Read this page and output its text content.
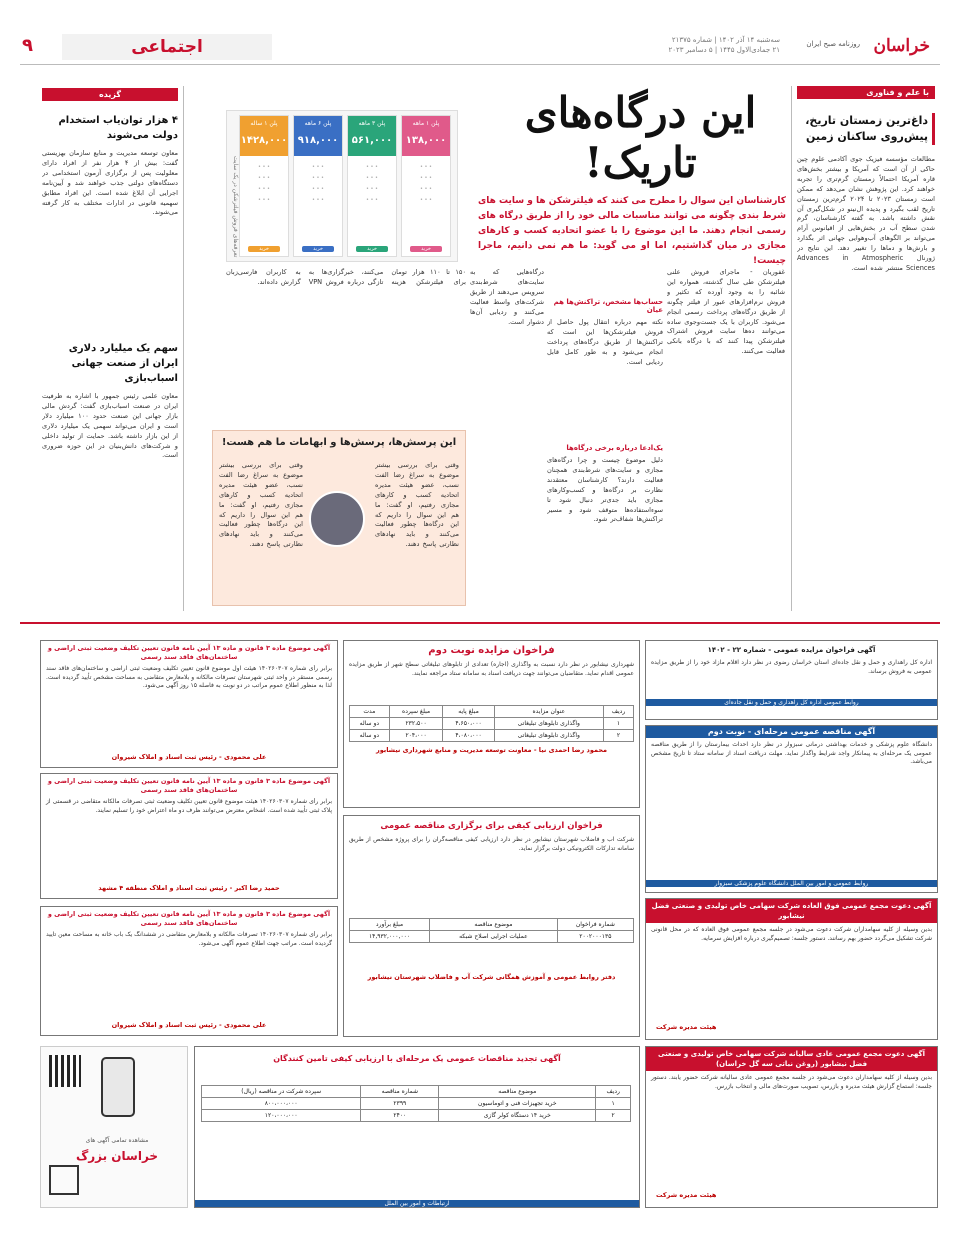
خراسان
روزنامه صبح ایران
سه‌شنبه ۱۴ آذر ۱۴۰۲ | شماره ۲۱۳۷۵
۲۱ جمادی‌الاول ۱۴۴۵ | ۵ دسامبر ۲۰۲۳
اجتماعی
۹
با علم و فناوری
داغ‌ترین زمستان تاریخ، پیش‌روی ساکنان زمین
مطالعات مؤسسه فیزیک جوی آکادمی علوم چین حاکی از آن است که آمریکا و بیشتر بخش‌های قاره آمریکا احتمالاً زمستان گرم‌تری را تجربه خواهند کرد. این پژوهش نشان می‌دهد که ممکن است زمستان ۲۰۲۳ تا ۲۰۲۴ گرم‌ترین زمستان تاریخ لقب بگیرد و پدیده ال‌نینو در شکل‌گیری آن نقش داشته باشد. به گفته کارشناسان، گرم شدن سطح آب در بخش‌هایی از اقیانوس آرام می‌تواند بر الگوهای آب‌وهوایی جهانی اثر بگذارد و بارش‌ها و دماها را تغییر دهد. این نتایج در ژورنال Advances in Atmospheric Sciences منتشر شده است.
این درگاه‌های
تاریک!
کارشناسان این سوال را مطرح می کنند که فیلترشکن ها و سایت های شرط بندی چگونه می توانند مناسبات مالی خود را از طریق درگاه های رسمی انجام دهند. ما این موضوع را با عضو اتحادیه کسب و کارهای مجازی در میان گذاشتیم، اما او می گوید: ما هم نمی دانیم، ماجرا چیست!
تعرفه‌های فروش فیلترشکن در یک سایت
پلن ۱ ماهه
۱۳۸,۰۰۰
• • •
• • •
• • •
• • •
خرید
پلن ۳ ماهه
۵۶۱,۰۰۰
• • •
• • •
• • •
• • •
خرید
پلن ۶ ماهه
۹۱۸,۰۰۰
• • •
• • •
• • •
• • •
خرید
پلن ۱ ساله
۱۴۲۸,۰۰۰
• • •
• • •
• • •
• • •
خرید
غفوریان - ماجرای فروش علنی فیلترشکن طی سال گذشته، همواره این شائبه را به وجود آورده که تکثیر و فروش نرم‌افزارهای عبور از فیلتر چگونه از طریق درگاه‌های پرداخت رسمی انجام می‌شود. کاربران با یک جست‌وجوی ساده می‌توانند ده‌ها سایت فروش اشتراک فیلترشکن پیدا کنند که با درگاه بانکی فعالیت می‌کنند.
حساب‌ها مشخص، تراکنش‌ها هم عیان
نکته مهم درباره انتقال پول حاصل از فروش فیلترشکن‌ها این است که تراکنش‌ها از طریق درگاه‌های پرداخت انجام می‌شود و به طور کامل قابل ردیابی است.
یک‌ادعا درباره برخی درگاه‌ها
دلیل موضوع چیست و چرا درگاه‌های مجازی و سایت‌های شرط‌بندی همچنان فعالیت دارند؟ کارشناسان معتقدند نظارت بر درگاه‌ها و کسب‌وکارهای مجازی باید جدی‌تر دنبال شود تا سوءاستفاده‌ها متوقف شود و مسیر تراکنش‌ها شفاف‌تر شود.
درگاه‌هایی که به سایت‌های شرط‌بندی سرویس می‌دهند از طریق شرکت‌های واسط فعالیت می‌کنند و ردیابی آن‌ها دشوار است.
۱۵۰ تا ۱۱۰ هزار تومان برای فیلترشکن هزینه می‌کنند، خبرگزاری‌ها به تازگی درباره فروش VPN به کاربران فارسی‌زبان گزارش داده‌اند.
این پرسش‌ها، پرسش‌ها و ابهامات ما هم هست!
وقتی برای بررسی بیشتر موضوع به سراغ رضا الفت نسب، عضو هیئت مدیره اتحادیه کسب و کارهای مجازی رفتیم، او گفت: ما هم این سوال را داریم که این درگاه‌ها چطور فعالیت می‌کنند و باید نهادهای نظارتی پاسخ دهند.
وقتی برای بررسی بیشتر موضوع به سراغ رضا الفت نسب، عضو هیئت مدیره اتحادیه کسب و کارهای مجازی رفتیم، او گفت: ما هم این سوال را داریم که این درگاه‌ها چطور فعالیت می‌کنند و باید نهادهای نظارتی پاسخ دهند.
گزیده
۴ هزار توان‌یاب استخدام دولت می‌شوند
معاون توسعه مدیریت و منابع سازمان بهزیستی گفت: بیش از ۴ هزار نفر از افراد دارای معلولیت پس از برگزاری آزمون استخدامی در دستگاه‌های دولتی جذب خواهند شد و آیین‌نامه اجرایی آن ابلاغ شده است. این افراد مطابق سهمیه قانونی در ادارات مختلف به کار گرفته می‌شوند.
سهم یک میلیارد دلاری ایران از صنعت جهانی اسباب‌بازی
معاون علمی رئیس جمهور با اشاره به ظرفیت ایران در صنعت اسباب‌بازی گفت: گردش مالی بازار جهانی این صنعت حدود ۱۰۰ میلیارد دلار است و ایران می‌تواند سهمی یک میلیارد دلاری از این بازار داشته باشد. حمایت از تولید داخلی و شرکت‌های دانش‌بنیان در این حوزه ضروری است.
آگهی موضوع ماده ۳ قانون و ماده ۱۳ آیین نامه قانون تعیین تکلیف وضعیت ثبتی اراضی و ساختمان‌های فاقد سند رسمی
برابر رأی شماره ۱۴۰۲۶۰۳۰۷ هیئت اول موضوع قانون تعیین تکلیف وضعیت ثبتی اراضی و ساختمان‌های فاقد سند رسمی مستقر در واحد ثبتی شهرستان تصرفات مالکانه و بلامعارض متقاضی به مساحت مشخص تأیید گردیده است. لذا به منظور اطلاع عموم مراتب در دو نوبت به فاصله ۱۵ روز آگهی می‌شود.
علی محمودی - رئیس ثبت اسناد و املاک شیروان
آگهی موضوع ماده ۳ قانون و ماده ۱۳ آیین نامه قانون تعیین تکلیف وضعیت ثبتی اراضی و ساختمان‌های فاقد سند رسمی
برابر رأی شماره ۱۴۰۲۶۰۳۰۷ هیئت موضوع قانون تعیین تکلیف وضعیت ثبتی تصرفات مالکانه متقاضی در قسمتی از پلاک ثبتی تأیید شده است. اشخاص معترض می‌توانند ظرف دو ماه اعتراض خود را تسلیم نمایند.
حمید رضا اکبر - رئیس ثبت اسناد و املاک منطقه ۴ مشهد
آگهی موضوع ماده ۳ قانون و ماده ۱۳ آیین نامه قانون تعیین تکلیف وضعیت ثبتی اراضی و ساختمان‌های فاقد سند رسمی
برابر رأی شماره ۱۴۰۲۶۰۳۰۷ تصرفات مالکانه و بلامعارض متقاضی در ششدانگ یک باب خانه به مساحت معین تأیید گردیده است. مراتب جهت اطلاع عموم آگهی می‌شود.
علی محمودی - رئیس ثبت اسناد و املاک شیروان
فراخوان مزایده نوبت دوم
شهرداری نیشابور در نظر دارد نسبت به واگذاری (اجاره) تعدادی از تابلوهای تبلیغاتی سطح شهر از طریق مزایده عمومی اقدام نماید. متقاضیان می‌توانند جهت دریافت اسناد به سامانه ستاد مراجعه نمایند.
ردیف	عنوان مزایده	مبلغ پایه	مبلغ سپرده	مدت
۱	واگذاری تابلوهای تبلیغاتی	۴،۶۵۰،۰۰۰	۲۳۲،۵۰۰	دو ساله
۲	واگذاری تابلوهای تبلیغاتی	۴،۰۸۰،۰۰۰	۲۰۴،۰۰۰	دو ساله
محمود رضا احمدی نیا - معاونت توسعه مدیریت و منابع شهرداری نیشابور
فراخوان ارزیابی کیفی برای برگزاری مناقصه عمومی
شرکت آب و فاضلاب شهرستان نیشابور در نظر دارد ارزیابی کیفی مناقصه‌گران را برای پروژه مشخص از طریق سامانه تدارکات الکترونیکی دولت برگزار نماید.
شماره فراخوان	موضوع مناقصه	مبلغ برآورد
۲۰۰۲۰۰۰۱۳۵	عملیات اجرایی اصلاح شبکه	۱۴,۹۳۲,۰۰۰,۰۰۰
دفتر روابط عمومی و آموزش همگانی شرکت آب و فاضلاب شهرستان نیشابور
آگهی فراخوان مزایده عمومی - شماره ۲۲ - ۱۴۰۲
اداره کل راهداری و حمل و نقل جاده‌ای استان خراسان رضوی در نظر دارد اقلام مازاد خود را از طریق مزایده عمومی به فروش برساند.
روابط عمومی اداره کل راهداری و حمل و نقل جاده‌ای
آگهی مناقصه عمومی مرحله‌ای - نوبت دوم
دانشگاه علوم پزشکی و خدمات بهداشتی درمانی سبزوار در نظر دارد احداث بیمارستان را از طریق مناقصه عمومی یک مرحله‌ای به پیمانکار واجد شرایط واگذار نماید. مهلت دریافت اسناد از سامانه ستاد تا تاریخ مشخص می‌باشد.
روابط عمومی و امور بین الملل دانشگاه علوم پزشکی سبزوار
آگهی دعوت مجمع عمومی فوق العاده شرکت سهامی خاص تولیدی و صنعتی فضل نیشابور
بدین وسیله از کلیه سهامداران شرکت دعوت می‌شود در جلسه مجمع عمومی فوق العاده که در محل قانونی شرکت تشکیل می‌گردد حضور بهم رسانند. دستور جلسه: تصمیم‌گیری درباره افزایش سرمایه.
هیئت مدیره شرکت
آگهی دعوت مجمع عمومی عادی سالیانه شرکت سهامی خاص تولیدی و صنعتی فضل نیشابور (روغن نباتی سه گل خراسان)
بدین وسیله از کلیه سهامداران دعوت می‌شود در جلسه مجمع عمومی عادی سالیانه شرکت حضور یابند. دستور جلسه: استماع گزارش هیئت مدیره و بازرس، تصویب صورت‌های مالی و انتخاب بازرس.
هیئت مدیره شرکت
آگهی تجدید مناقصات عمومی یک مرحله‌ای با ارزیابی کیفی تامین کنندگان
ردیف	موضوع مناقصه	شماره مناقصه	سپرده شرکت در مناقصه (ریال)
۱	خرید تجهیزات فنی و اتوماسیون	۲۳۹۹	۸۰۰،۰۰۰،۰۰۰
۲	خرید ۱۴ دستگاه کولر گازی	۲۴۰۰	۱۲۰،۰۰۰،۰۰۰
ارتباطات و امور بین الملل
مشاهده تمامی آگهی های
خراسان بزرگ
